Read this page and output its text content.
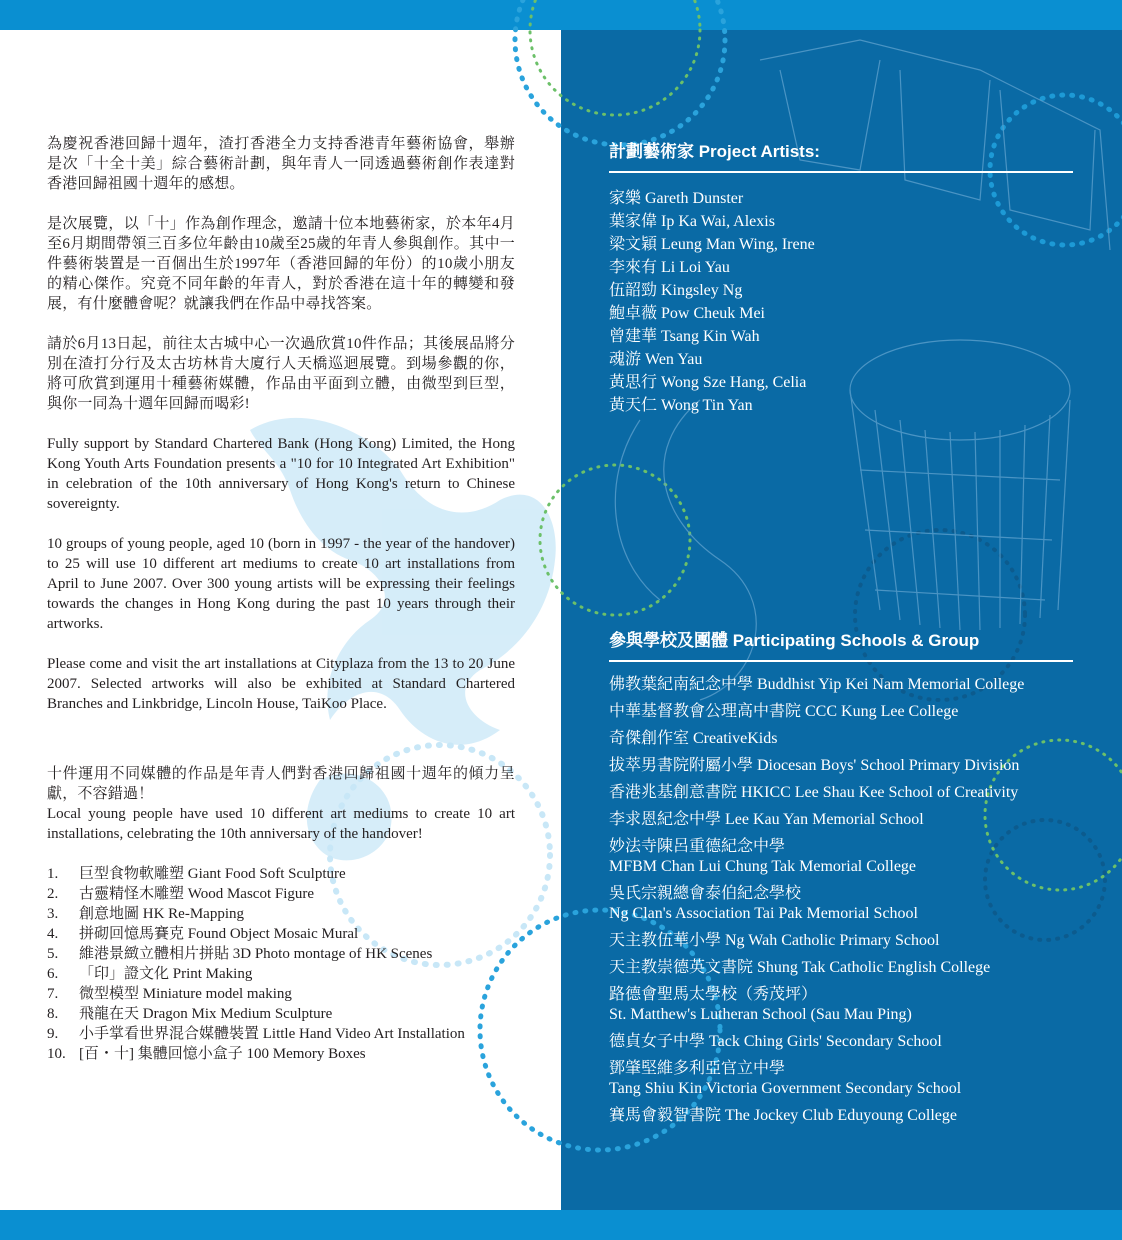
為慶祝香港回歸十週年，渣打香港全力支持香港青年藝術協會，舉辦是次「十全十美」綜合藝術計劃，與年青人一同透過藝術創作表達對香港回歸祖國十週年的感想。

是次展覽，以「十」作為創作理念，邀請十位本地藝術家，於本年4月至6月期間帶領三百多位年齡由10歲至25歲的年青人參與創作。其中一件藝術裝置是一百個出生於1997年（香港回歸的年份）的10歲小朋友的精心傑作。究竟不同年齡的年青人，對於香港在這十年的轉變和發展，有什麼體會呢？就讓我們在作品中尋找答案。

請於6月13日起，前往太古城中心一次過欣賞10件作品；其後展品將分別在渣打分行及太古坊林肯大廈行人天橋巡迴展覽。到場參觀的你，將可欣賞到運用十種藝術媒體，作品由平面到立體，由微型到巨型，與你一同為十週年回歸而喝彩!

Fully support by Standard Chartered Bank (Hong Kong) Limited, the Hong Kong Youth Arts Foundation presents a "10 for 10 Integrated Art Exhibition" in celebration of the 10th anniversary of Hong Kong's return to Chinese sovereignty.

10 groups of young people, aged 10 (born in 1997 - the year of the handover) to 25 will use 10 different art mediums to create 10 art installations from April to June 2007. Over 300 young artists will be expressing their feelings towards the changes in Hong Kong during the past 10 years through their artworks.

Please come and visit the art installations at Cityplaza from the 13 to 20 June 2007. Selected artworks will also be exhibited at Standard Chartered Branches and Linkbridge, Lincoln House, TaiKoo Place.

十件運用不同媒體的作品是年青人們對香港回歸祖國十週年的傾力呈獻，不容錯過！

Local young people have used 10 different art mediums to create 10 art installations, celebrating the 10th anniversary of the handover!

1.	巨型食物軟雕塑 Giant Food Soft Sculpture
2.	古靈精怪木雕塑 Wood Mascot Figure
3.	創意地圖 HK Re-Mapping
4.	拼砌回憶馬賽克 Found Object Mosaic Mural
5.	維港景緻立體相片拼貼 3D Photo montage of HK Scenes
6.	「印」證文化 Print Making
7.	微型模型 Miniature model making
8.	飛龍在天 Dragon Mix Medium Sculpture
9.	小手掌看世界混合媒體裝置 Little Hand Video Art Installation
10. [百・十] 集體回憶小盒子 100 Memory Boxes
計劃藝術家 Project Artists:
家樂 Gareth Dunster
葉家偉 Ip Ka Wai, Alexis
梁文穎 Leung Man Wing, Irene
李來有 Li Loi Yau
伍韶勁 Kingsley Ng
鮑卓薇 Pow Cheuk Mei
曾建華 Tsang Kin Wah
魂游 Wen Yau
黃思行 Wong Sze Hang, Celia
黃天仁 Wong Tin Yan
參與學校及團體 Participating Schools & Group
佛教葉紀南紀念中學 Buddhist Yip Kei Nam Memorial College
中華基督教會公理高中書院 CCC Kung Lee College
奇傑創作室 CreativeKids
拔萃男書院附屬小學 Diocesan Boys' School Primary Division
香港兆基創意書院 HKICC Lee Shau Kee School of Creativity
李求恩紀念中學 Lee Kau Yan Memorial School
妙法寺陳呂重德紀念中學
MFBM Chan Lui Chung Tak Memorial College
吳氏宗親總會泰伯紀念學校
Ng Clan's Association Tai Pak Memorial School
天主教伍華小學 Ng Wah Catholic Primary School
天主教崇德英文書院 Shung Tak Catholic English College
路德會聖馬太學校（秀茂坪）
St. Matthew's Lutheran School (Sau Mau Ping)
德貞女子中學 Tack Ching Girls' Secondary School
鄧肇堅維多利亞官立中學
Tang Shiu Kin Victoria Government Secondary School
賽馬會毅智書院 The Jockey Club Eduyoung College
